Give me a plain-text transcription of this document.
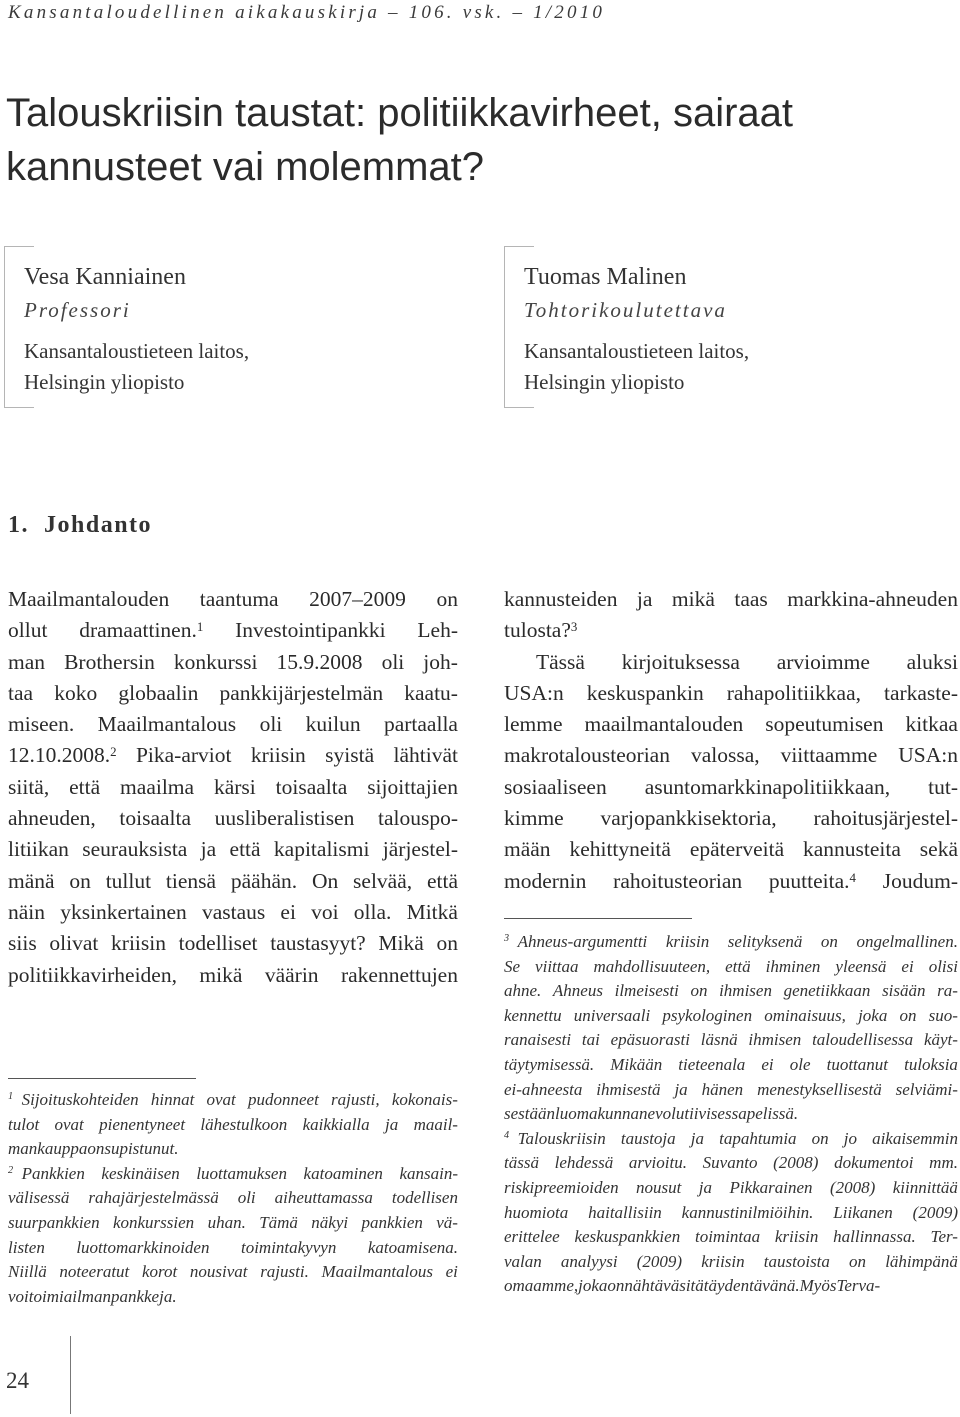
Kansantaloudellinen aikakauskirja – 106. vsk. – 1/2010
Talouskriisin taustat: politiikkavirheet, sairaat
kannusteet vai molemmat?
Vesa Kanniainen
Professori
Kansantaloustieteen laitos,
Helsingin yliopisto
Tuomas Malinen
Tohtorikoulutettava
Kansantaloustieteen laitos,
Helsingin yliopisto
1. Johdanto
Maailmantalouden taantuma 2007–2009 on
ollut dramaattinen.$^1$ Investointipankki Leh-
man Brothersin konkurssi 15.9.2008 oli joh-
taa koko globaalin pankkijärjestelmän kaatu-
miseen. Maailmantalous oli kuilun partaalla
12.10.2008.$^2$ Pika-arviot kriisin syistä lähtivät
siitä, että maailma kärsi toisaalta sijoittajien
ahneuden, toisaalta uusliberalistisen talouspo-
litiikan seurauksista ja että kapitalismi järjestel-
mänä on tullut tiensä päähän. On selvää, että
näin yksinkertainen vastaus ei voi olla. Mitkä
siis olivat kriisin todelliset taustasyyt? Mikä on
politiikkavirheiden, mikä väärin rakennettujen
kannusteiden ja mikä taas markkina-ahneuden
tulosta?$^3$
Tässä kirjoituksessa arvioimme aluksi
USA:n keskuspankin rahapolitiikkaa, tarkaste-
lemme maailmantalouden sopeutumisen kitkaa
makrotalousteorian valossa, viittaamme USA:n
sosiaaliseen asuntomarkkinapolitiikkaan, tut-
kimme varjopankkisektoria, rahoitusjärjestel-
mään kehittyneitä epäterveitä kannusteita sekä
modernin rahoitusteorian puutteita.$^4$ Joudum-
$^1$ Sijoituskohteiden hinnat ovat pudonneet rajusti, kokonais-
tulot ovat pienentyneet lähestulkoon kaikkialla ja maail-
mankauppa on supistunut.
$^2$ Pankkien keskinäisen luottamuksen katoaminen kansain-
välisessä rahajärjestelmässä oli aiheuttamassa todellisen
suurpankkien konkurssien uhan. Tämä näkyi pankkien vä-
listen luottomarkkinoiden toimintakyvyn katoamisena.
Niillä noteeratut korot nousivat rajusti. Maailmantalous ei
voi toimia ilman pankkeja.
$^3$ Ahneus-argumentti kriisin selityksenä on ongelmallinen.
Se viittaa mahdollisuuteen, että ihminen yleensä ei olisi
ahne. Ahneus ilmeisesti on ihmisen genetiikkaan sisään ra-
kennettu universaali psykologinen ominaisuus, joka on suo-
ranaisesti tai epäsuorasti läsnä ihmisen taloudellisessa käyt-
täytymisessä. Mikään tieteenala ei ole tuottanut tuloksia
ei-ahneesta ihmisestä ja hänen menestyksellisestä selviämi-
sestään luomakunnan evolutiivisessa pelissä.
$^4$ Talouskriisin taustoja ja tapahtumia on jo aikaisemmin
tässä lehdessä arvioitu. Suvanto (2008) dokumentoi mm.
riskipreemioiden nousut ja Pikkarainen (2008) kiinnittää
huomiota haitallisiin kannustinilmiöihin. Liikanen (2009)
erittelee keskuspankkien toimintaa kriisin hallinnassa. Ter-
valan analyysi (2009) kriisin taustoista on lähimpänä
omaamme, joka on nähtävä sitä täydentävänä. Myös Terva-
24
